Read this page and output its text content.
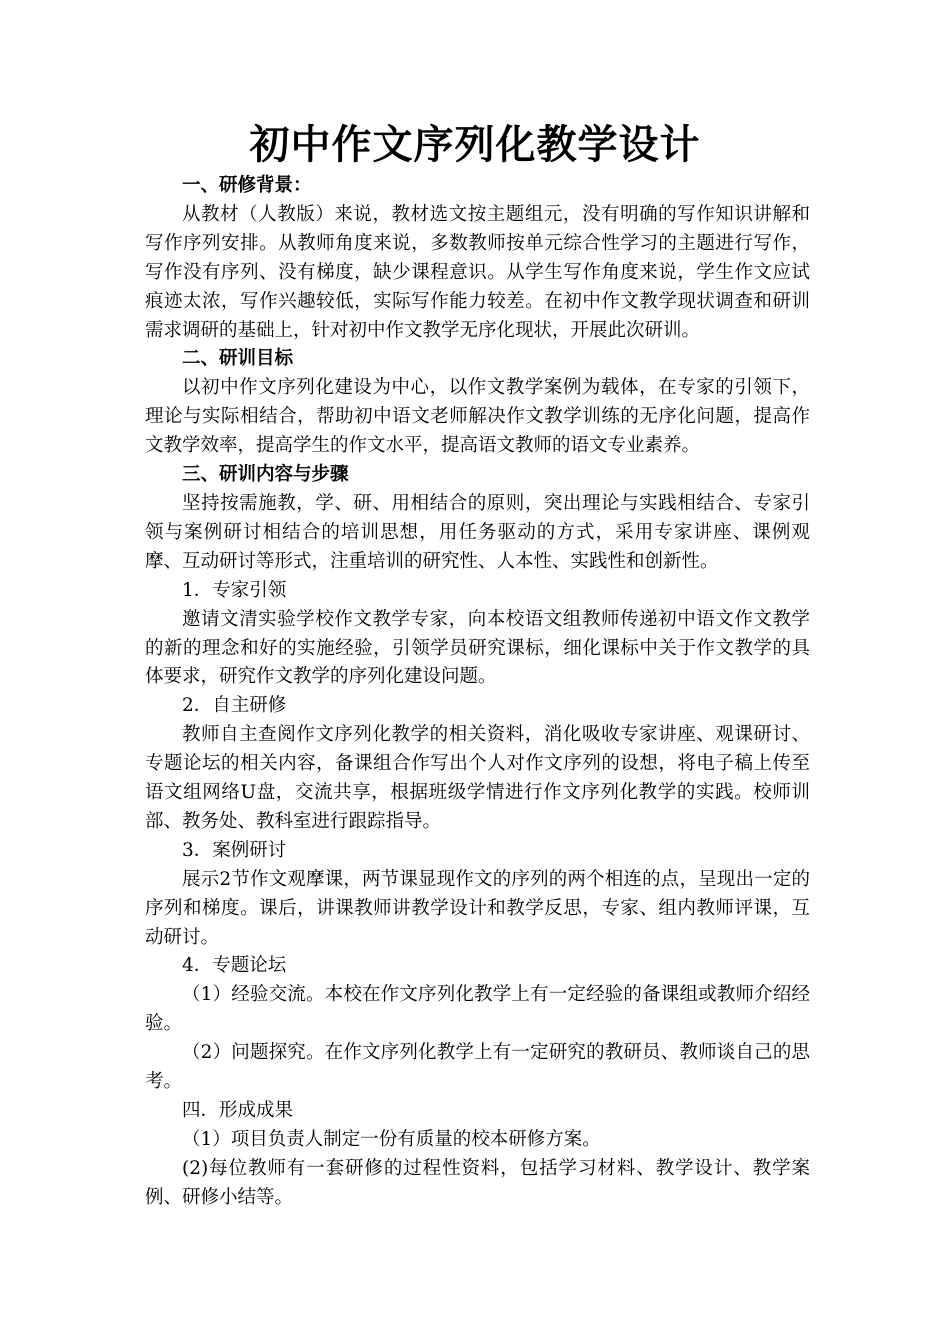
初中作文序列化教学设计

一、研修背景：

从教材（人教版）来说，教材选文按主题组元，没有明确的写作知识讲解和写作序列安排。从教师角度来说，多数教师按单元综合性学习的主题进行写作，写作没有序列、没有梯度，缺少课程意识。从学生写作角度来说，学生作文应试痕迹太浓，写作兴趣较低，实际写作能力较差。在初中作文教学现状调查和研训需求调研的基础上，针对初中作文教学无序化现状，开展此次研训。

二、研训目标

以初中作文序列化建设为中心，以作文教学案例为载体，在专家的引领下，理论与实际相结合，帮助初中语文老师解决作文教学训练的无序化问题，提高作文教学效率，提高学生的作文水平，提高语文教师的语文专业素养。

三、研训内容与步骤

坚持按需施教，学、研、用相结合的原则，突出理论与实践相结合、专家引领与案例研讨相结合的培训思想，用任务驱动的方式，采用专家讲座、课例观摩、互动研讨等形式，注重培训的研究性、人本性、实践性和创新性。

1．专家引领

邀请文清实验学校作文教学专家，向本校语文组教师传递初中语文作文教学的新的理念和好的实施经验，引领学员研究课标，细化课标中关于作文教学的具体要求，研究作文教学的序列化建设问题。

2．自主研修

教师自主查阅作文序列化教学的相关资料，消化吸收专家讲座、观课研讨、专题论坛的相关内容，备课组合作写出个人对作文序列的设想，将电子稿上传至语文组网络U盘，交流共享，根据班级学情进行作文序列化教学的实践。校师训部、教务处、教科室进行跟踪指导。

3．案例研讨

展示2节作文观摩课，两节课显现作文的序列的两个相连的点，呈现出一定的序列和梯度。课后，讲课教师讲教学设计和教学反思，专家、组内教师评课，互动研讨。

4．专题论坛

（1）经验交流。本校在作文序列化教学上有一定经验的备课组或教师介绍经验。

（2）问题探究。在作文序列化教学上有一定研究的教研员、教师谈自己的思考。

四．形成成果

（1）项目负责人制定一份有质量的校本研修方案。

(2)每位教师有一套研修的过程性资料，包括学习材料、教学设计、教学案例、研修小结等。
